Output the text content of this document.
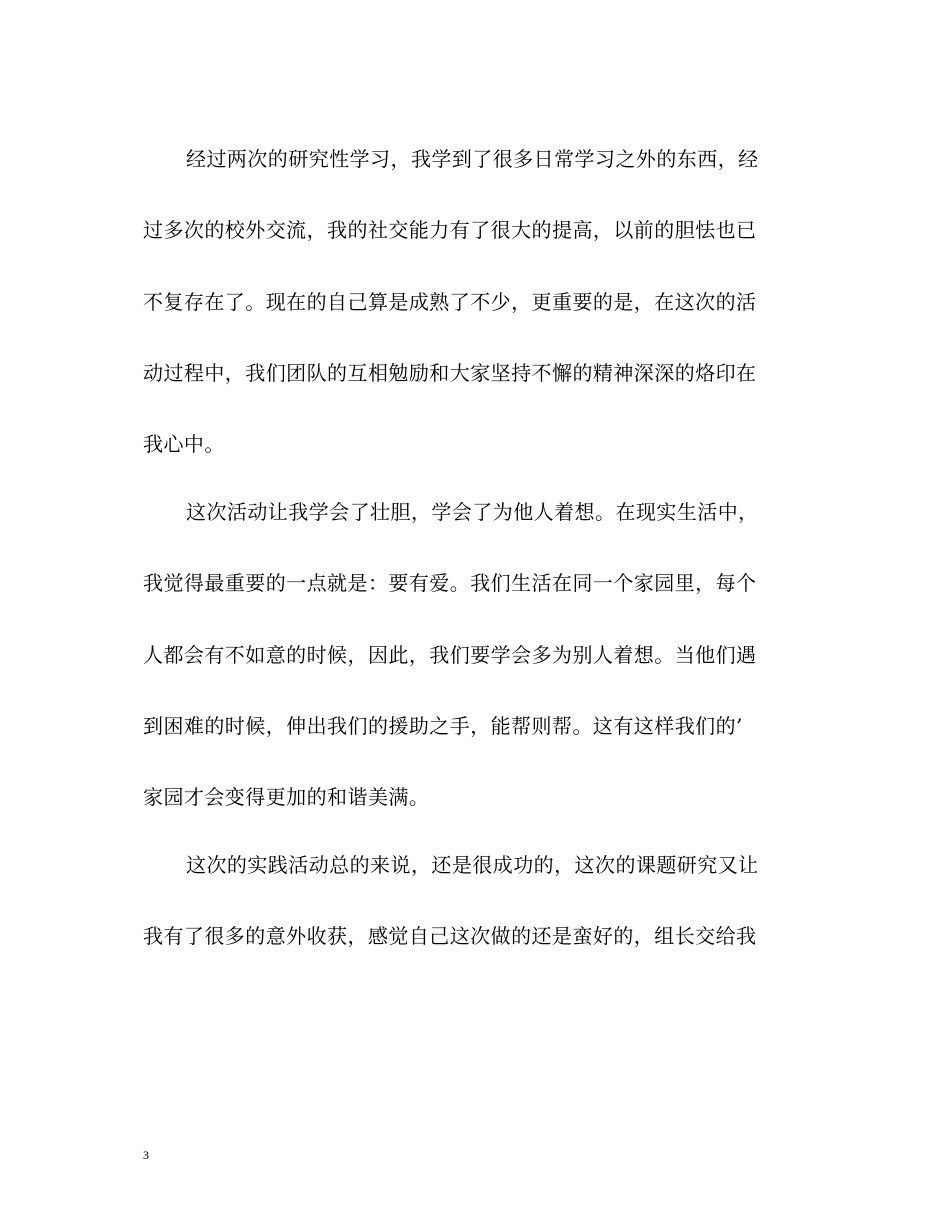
经过两次的研究性学习，我学到了很多日常学习之外的东西，经
过多次的校外交流，我的社交能力有了很大的提高，以前的胆怯也已
不复存在了。现在的自己算是成熟了不少，更重要的是，在这次的活
动过程中，我们团队的互相勉励和大家坚持不懈的精神深深的烙印在
我心中。
这次活动让我学会了壮胆，学会了为他人着想。在现实生活中，
我觉得最重要的一点就是：要有爱。我们生活在同一个家园里，每个
人都会有不如意的时候，因此，我们要学会多为别人着想。当他们遇
到困难的时候，伸出我们的援助之手，能帮则帮。这有这样我们的’
家园才会变得更加的和谐美满。
这次的实践活动总的来说，还是很成功的，这次的课题研究又让
我有了很多的意外收获，感觉自己这次做的还是蛮好的，组长交给我
3
